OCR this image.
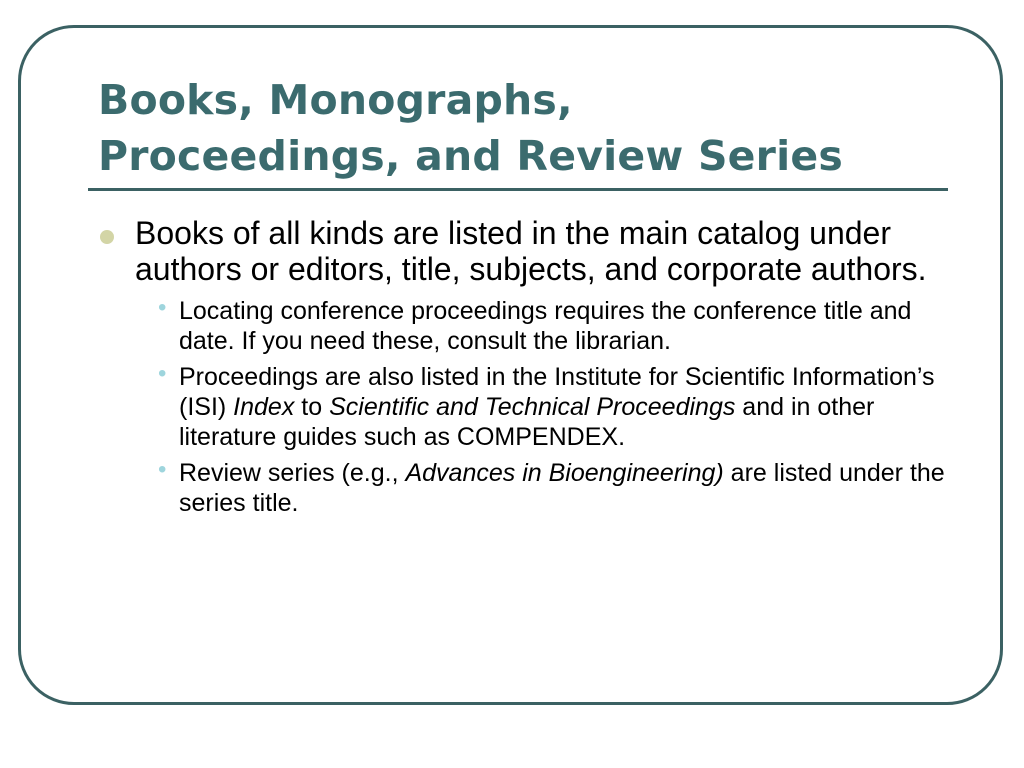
Books, Monographs,
Proceedings, and Review Series
Books of all kinds are listed in the main catalog under authors or editors, title, subjects, and corporate authors.
• Locating conference proceedings requires the conference title and date. If you need these, consult the librarian.
• Proceedings are also listed in the Institute for Scientific Information’s (ISI) Index to Scientific and Technical Proceedings and in other literature guides such as COMPENDEX.
• Review series (e.g., Advances in Bioengineering) are listed under the series title.
